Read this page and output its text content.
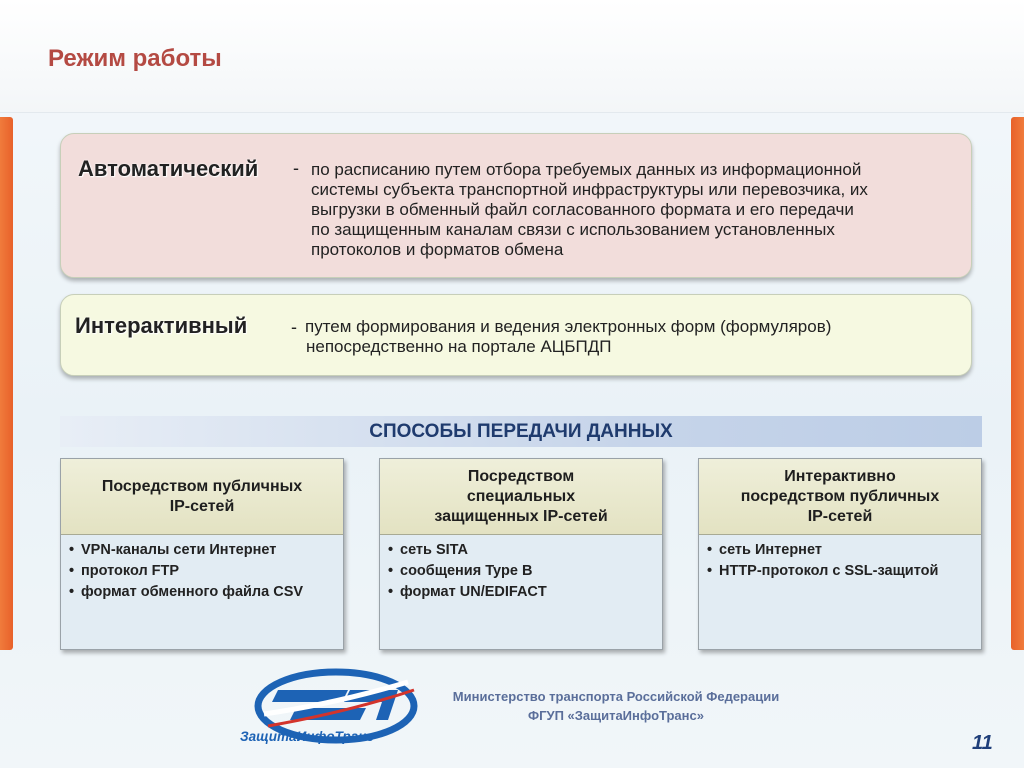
Режим работы
Автоматический - по расписанию путем отбора требуемых данных из информационной
системы субъекта транспортной инфраструктуры или перевозчика, их
выгрузки в обменный файл согласованного формата и его передачи
по защищенным каналам связи с использованием установленных
протоколов и форматов обмена
Интерактивный - путем формирования и ведения электронных форм (формуляров)
непосредственно на портале АЦБПДП
СПОСОБЫ ПЕРЕДАЧИ ДАННЫХ
Посредством публичных
IP-сетей
• VPN-каналы сети Интернет
• протокол FTP
• формат обменного файла CSV
Посредством
специальных
защищенных IP-сетей
• сеть SITA
• сообщения Type B
• формат UN/EDIFACT
Интерактивно
посредством публичных
IP-сетей
• сеть Интернет
• HTTP-протокол с SSL-защитой
ЗащитаИнфоТранс
Министерство транспорта Российской Федерации
ФГУП «ЗащитаИнфоТранс»
11
